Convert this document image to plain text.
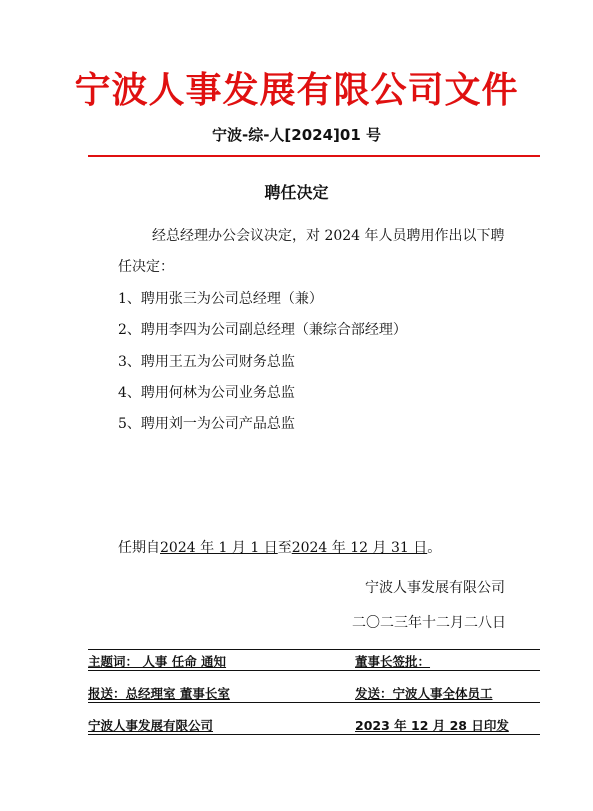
宁波人事发展有限公司文件
宁波-综-人[2024]01 号
聘任决定
经总经理办公会议决定，对 2024 年人员聘用作出以下聘
任决定：
1、聘用张三为公司总经理（兼）
2、聘用李四为公司副总经理（兼综合部经理）
3、聘用王五为公司财务总监
4、聘用何林为公司业务总监
5、聘用刘一为公司产品总监
任期自2024 年 1 月 1 日至2024 年 12 月 31 日。
宁波人事发展有限公司
二〇二三年十二月二八日
主题词： 人事 任命 通知	董事长签批：
报送：总经理室 董事长室	发送：宁波人事全体员工
宁波人事发展有限公司	2023 年 12 月 28 日印发
